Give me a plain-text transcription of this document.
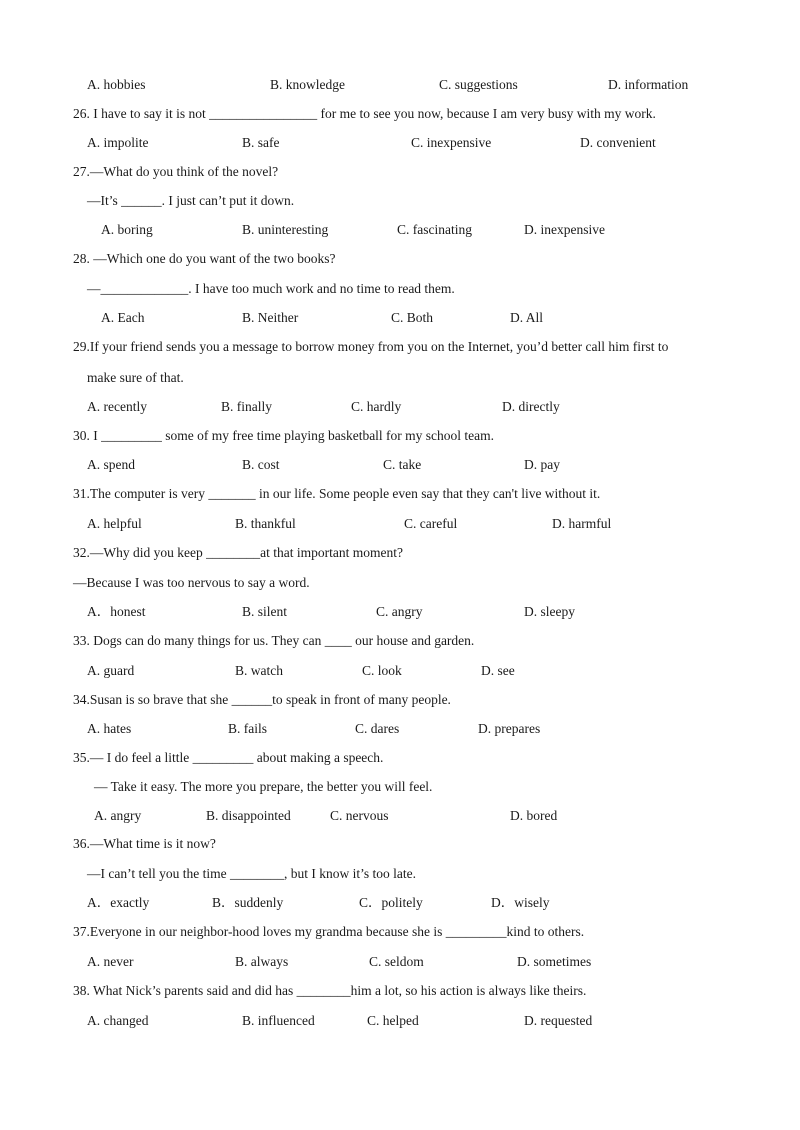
A. hobbies	B. knowledge	C. suggestions	D. information
26. I have to say it is not ________________ for me to see you now, because I am very busy with my work.
A. impolite	B. safe	C. inexpensive	D. convenient
27.—What do you think of the novel?
—It’s ______. I just can’t put it down.
A. boring	B. uninteresting	C. fascinating	D. inexpensive
28. —Which one do you want of the two books?
—_____________. I have too much work and no time to read them.
A. Each	B. Neither	C. Both	D. All
29.If your friend sends you a message to borrow money from you on the Internet, you’d better call him first to
make sure of that.
A. recently	B. finally	C. hardly	D. directly
30. I _________ some of my free time playing basketball for my school team.
A. spend	B. cost	C. take	D. pay
31.The computer is very _______ in our life. Some people even say that they can't live without it.
A. helpful	B. thankful	C. careful	D. harmful
32.—Why did you keep ________at that important moment?
—Because I was too nervous to say a word.
A．honest	B. silent	C. angry	D. sleepy
33. Dogs can do many things for us. They can ____ our house and garden.
A. guard	B. watch	C. look	D. see
34.Susan is so brave that she ______to speak in front of many people.
A. hates	B. fails	C. dares	D. prepares
35.— I do feel a little _________ about making a speech.
— Take it easy. The more you prepare, the better you will feel.
A. angry	B. disappointed	C. nervous	D. bored
36.—What time is it now?
—I can’t tell you the time ________, but I know it’s too late.
A．exactly	B．suddenly	C．politely	D．wisely
37.Everyone in our neighbor-hood loves my grandma because she is _________kind to others.
A. never	B. always	C. seldom	D. sometimes
38. What Nick’s parents said and did has ________him a lot, so his action is always like theirs.
A. changed	B. influenced	C. helped	D. requested
